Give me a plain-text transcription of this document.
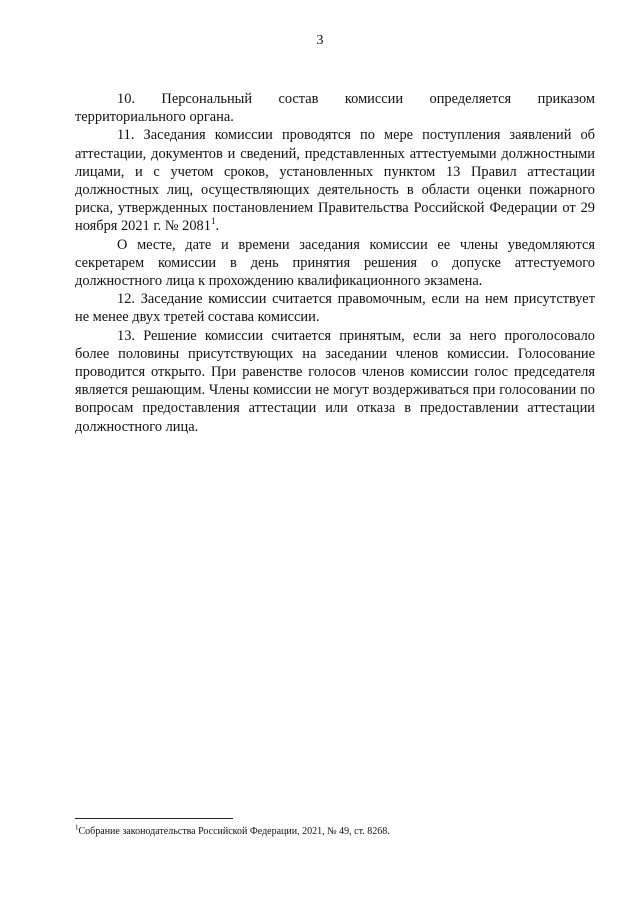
3

10. Персональный состав комиссии определяется приказом территориального органа.

11. Заседания комиссии проводятся по мере поступления заявлений об аттестации, документов и сведений, представленных аттестуемыми должностными лицами, и с учетом сроков, установленных пунктом 13 Правил аттестации должностных лиц, осуществляющих деятельность в области оценки пожарного риска, утвержденных постановлением Правительства Российской Федерации от 29 ноября 2021 г. № 2081$^1$.

О месте, дате и времени заседания комиссии ее члены уведомляются секретарем комиссии в день принятия решения о допуске аттестуемого должностного лица к прохождению квалификационного экзамена.

12. Заседание комиссии считается правомочным, если на нем присутствует не менее двух третей состава комиссии.

13. Решение комиссии считается принятым, если за него проголосовало более половины присутствующих на заседании членов комиссии. Голосование проводится открыто. При равенстве голосов членов комиссии голос председателя является решающим. Члены комиссии не могут воздерживаться при голосовании по вопросам предоставления аттестации или отказа в предоставлении аттестации должностного лица.

$^1$Собрание законодательства Российской Федерации, 2021, № 49, ст. 8268.
